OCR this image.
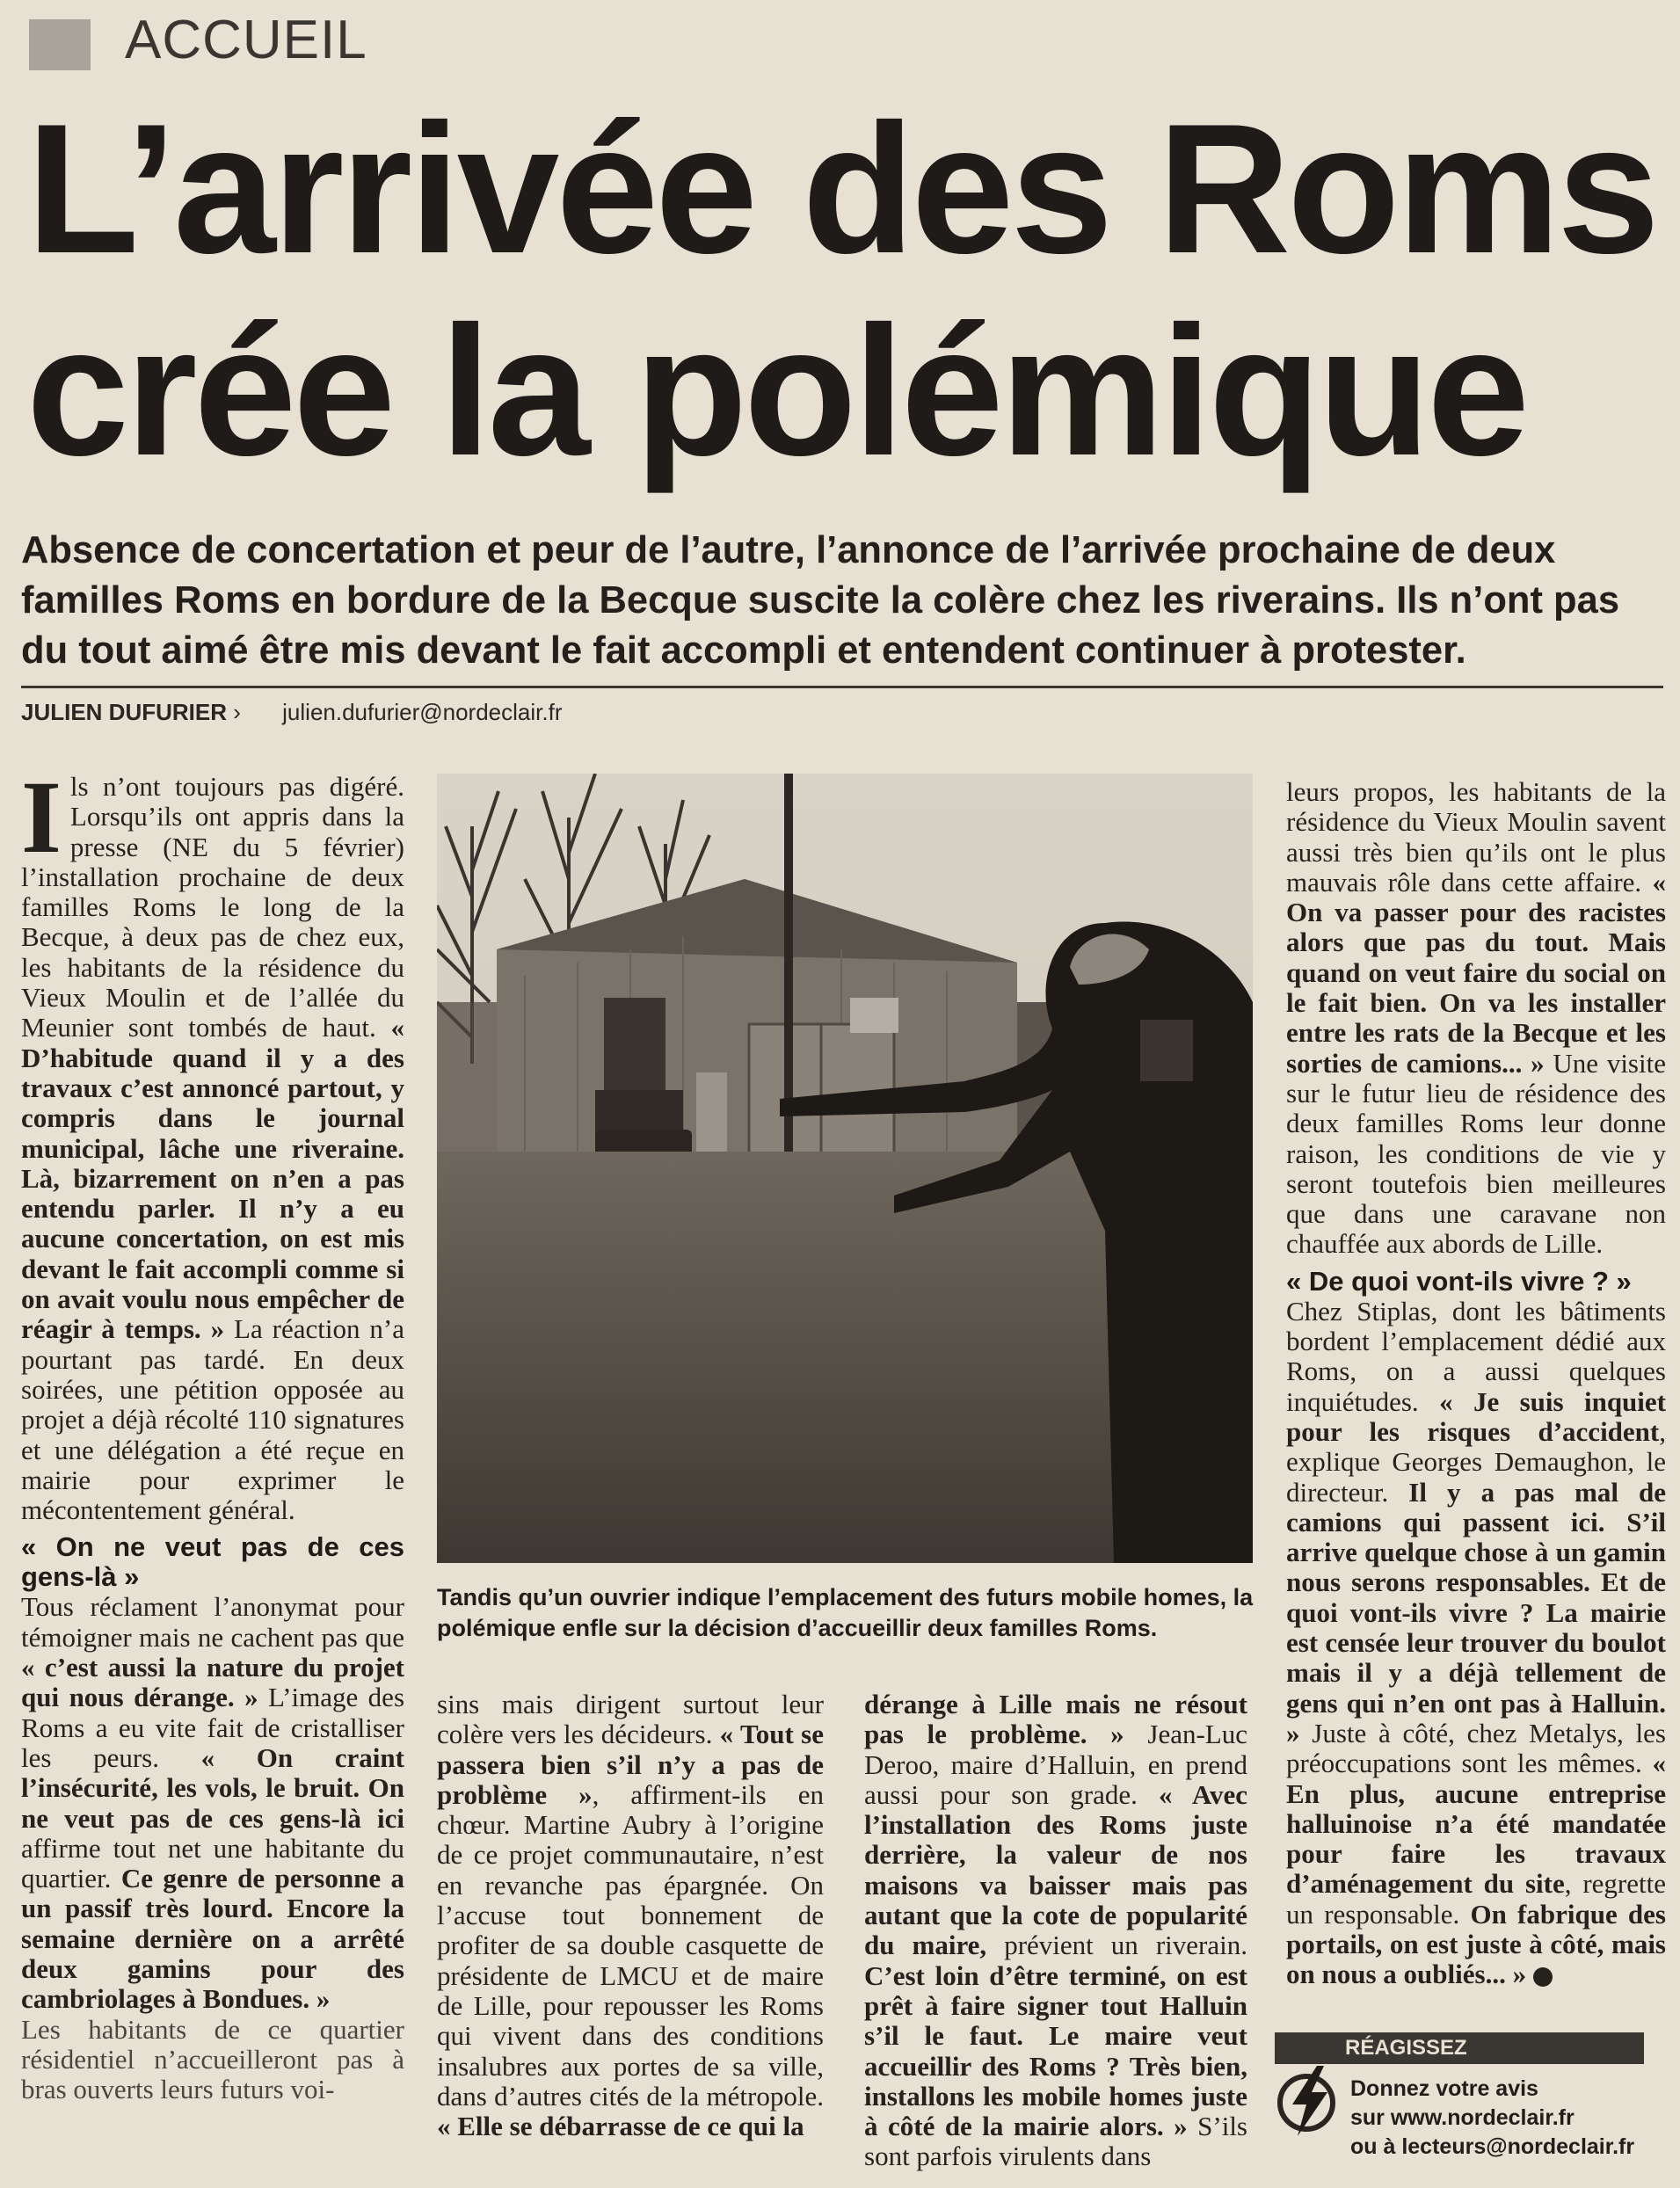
ACCUEIL
L’arrivée des Roms
crée la polémique
Absence de concertation et peur de l’autre, l’annonce de l’arrivée prochaine de deux familles Roms en bordure de la Becque suscite la colère chez les riverains. Ils n’ont pas du tout aimé être mis devant le fait accompli et entendent continuer à protester.
JULIEN DUFURIER › julien.dufurier@nordeclair.fr

Ils n’ont toujours pas digéré. Lorsqu’ils ont appris dans la presse (NE du 5 février) l’installation prochaine de deux familles Roms le long de la Becque, à deux pas de chez eux, les habitants de la résidence du Vieux Moulin et de l’allée du Meunier sont tombés de haut. « D’habitude quand il y a des travaux c’est annoncé partout, y compris dans le journal municipal, lâche une riveraine. Là, bizarrement on n’en a pas entendu parler. Il n’y a eu aucune concertation, on est mis devant le fait accompli comme si on avait voulu nous empêcher de réagir à temps. » La réaction n’a pourtant pas tardé. En deux soirées, une pétition opposée au projet a déjà récolté 110 signatures et une délégation a été reçue en mairie pour exprimer le mécontentement général.

« On ne veut pas de ces gens-là »

Tous réclament l’anonymat pour témoigner mais ne cachent pas que « c’est aussi la nature du projet qui nous dérange. » L’image des Roms a eu vite fait de cristalliser les peurs. « On craint l’insécurité, les vols, le bruit. On ne veut pas de ces gens-là ici affirme tout net une habitante du quartier. Ce genre de personne a un passif très lourd. Encore la semaine dernière on a arrêté deux gamins pour des cambriolages à Bondues. »

Les habitants de ce quartier résidentiel n’accueilleront pas à bras ouverts leurs futurs voi-

Tandis qu’un ouvrier indique l’emplacement des futurs mobile homes, la polémique enfle sur la décision d’accueillir deux familles Roms.

sins mais dirigent surtout leur colère vers les décideurs. « Tout se passera bien s’il n’y a pas de problème », affirment-ils en chœur. Martine Aubry à l’origine de ce projet communautaire, n’est en revanche pas épargnée. On l’accuse tout bonnement de profiter de sa double casquette de présidente de LMCU et de maire de Lille, pour repousser les Roms qui vivent dans des conditions insalubres aux portes de sa ville, dans d’autres cités de la métropole. « Elle se débarrasse de ce qui la

dérange à Lille mais ne résout pas le problème. » Jean-Luc Deroo, maire d’Halluin, en prend aussi pour son grade. « Avec l’installation des Roms juste derrière, la valeur de nos maisons va baisser mais pas autant que la cote de popularité du maire, prévient un riverain. C’est loin d’être terminé, on est prêt à faire signer tout Halluin s’il le faut. Le maire veut accueillir des Roms ? Très bien, installons les mobile homes juste à côté de la mairie alors. » S’ils sont parfois virulents dans

leurs propos, les habitants de la résidence du Vieux Moulin savent aussi très bien qu’ils ont le plus mauvais rôle dans cette affaire. « On va passer pour des racistes alors que pas du tout. Mais quand on veut faire du social on le fait bien. On va les installer entre les rats de la Becque et les sorties de camions... » Une visite sur le futur lieu de résidence des deux familles Roms leur donne raison, les conditions de vie y seront toutefois bien meilleures que dans une caravane non chauffée aux abords de Lille.

« De quoi vont-ils vivre ? »

Chez Stiplas, dont les bâtiments bordent l’emplacement dédié aux Roms, on a aussi quelques inquiétudes. « Je suis inquiet pour les risques d’accident, explique Georges Demaughon, le directeur. Il y a pas mal de camions qui passent ici. S’il arrive quelque chose à un gamin nous serons responsables. Et de quoi vont-ils vivre ? La mairie est censée leur trouver du boulot mais il y a déjà tellement de gens qui n’en ont pas à Halluin. » Juste à côté, chez Metalys, les préoccupations sont les mêmes. « En plus, aucune entreprise halluinoise n’a été mandatée pour faire les travaux d’aménagement du site, regrette un responsable. On fabrique des portails, on est juste à côté, mais on nous a oubliés... »

RÉAGISSEZ
Donnez votre avis
sur www.nordeclair.fr
ou à lecteurs@nordeclair.fr
